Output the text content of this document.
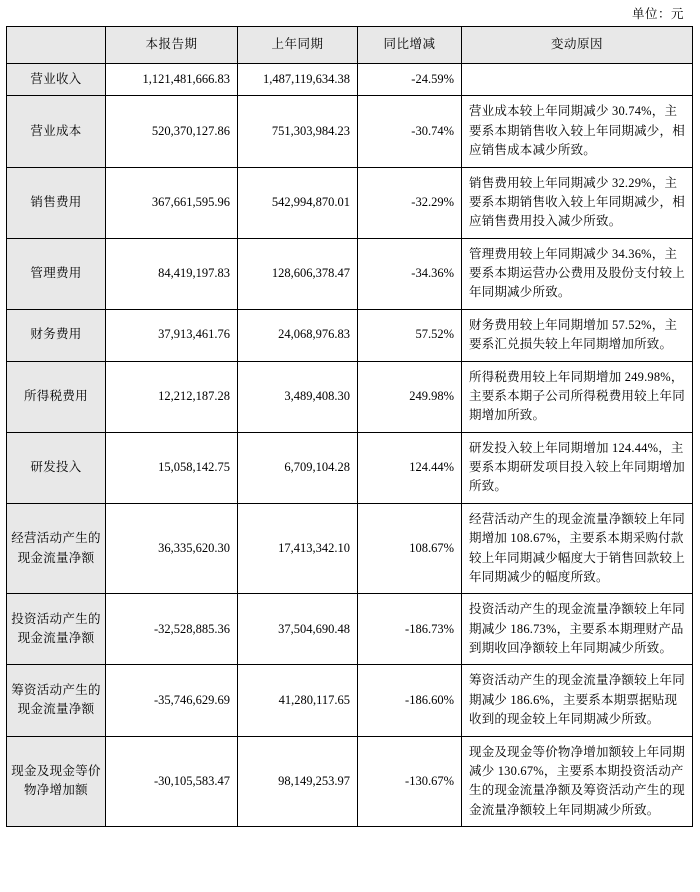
单位：元
	本报告期	上年同期	同比增减	变动原因
营业收入	1,121,481,666.83	1,487,119,634.38	-24.59%	
营业成本	520,370,127.86	751,303,984.23	-30.74%	营业成本较上年同期减少 30.74%，主要系本期销售收入较上年同期减少，相应销售成本减少所致。
销售费用	367,661,595.96	542,994,870.01	-32.29%	销售费用较上年同期减少 32.29%，主要系本期销售收入较上年同期减少，相应销售费用投入减少所致。
管理费用	84,419,197.83	128,606,378.47	-34.36%	管理费用较上年同期减少 34.36%，主要系本期运营办公费用及股份支付较上年同期减少所致。
财务费用	37,913,461.76	24,068,976.83	57.52%	财务费用较上年同期增加 57.52%，主要系汇兑损失较上年同期增加所致。
所得税费用	12,212,187.28	3,489,408.30	249.98%	所得税费用较上年同期增加 249.98%，主要系本期子公司所得税费用较上年同期增加所致。
研发投入	15,058,142.75	6,709,104.28	124.44%	研发投入较上年同期增加 124.44%，主要系本期研发项目投入较上年同期增加所致。
经营活动产生的现金流量净额	36,335,620.30	17,413,342.10	108.67%	经营活动产生的现金流量净额较上年同期增加 108.67%，主要系本期采购付款较上年同期减少幅度大于销售回款较上年同期减少的幅度所致。
投资活动产生的现金流量净额	-32,528,885.36	37,504,690.48	-186.73%	投资活动产生的现金流量净额较上年同期减少 186.73%，主要系本期理财产品到期收回净额较上年同期减少所致。
筹资活动产生的现金流量净额	-35,746,629.69	41,280,117.65	-186.60%	筹资活动产生的现金流量净额较上年同期减少 186.6%，主要系本期票据贴现收到的现金较上年同期减少所致。
现金及现金等价物净增加额	-30,105,583.47	98,149,253.97	-130.67%	现金及现金等价物净增加额较上年同期减少 130.67%，主要系本期投资活动产生的现金流量净额及筹资活动产生的现金流量净额较上年同期减少所致。
